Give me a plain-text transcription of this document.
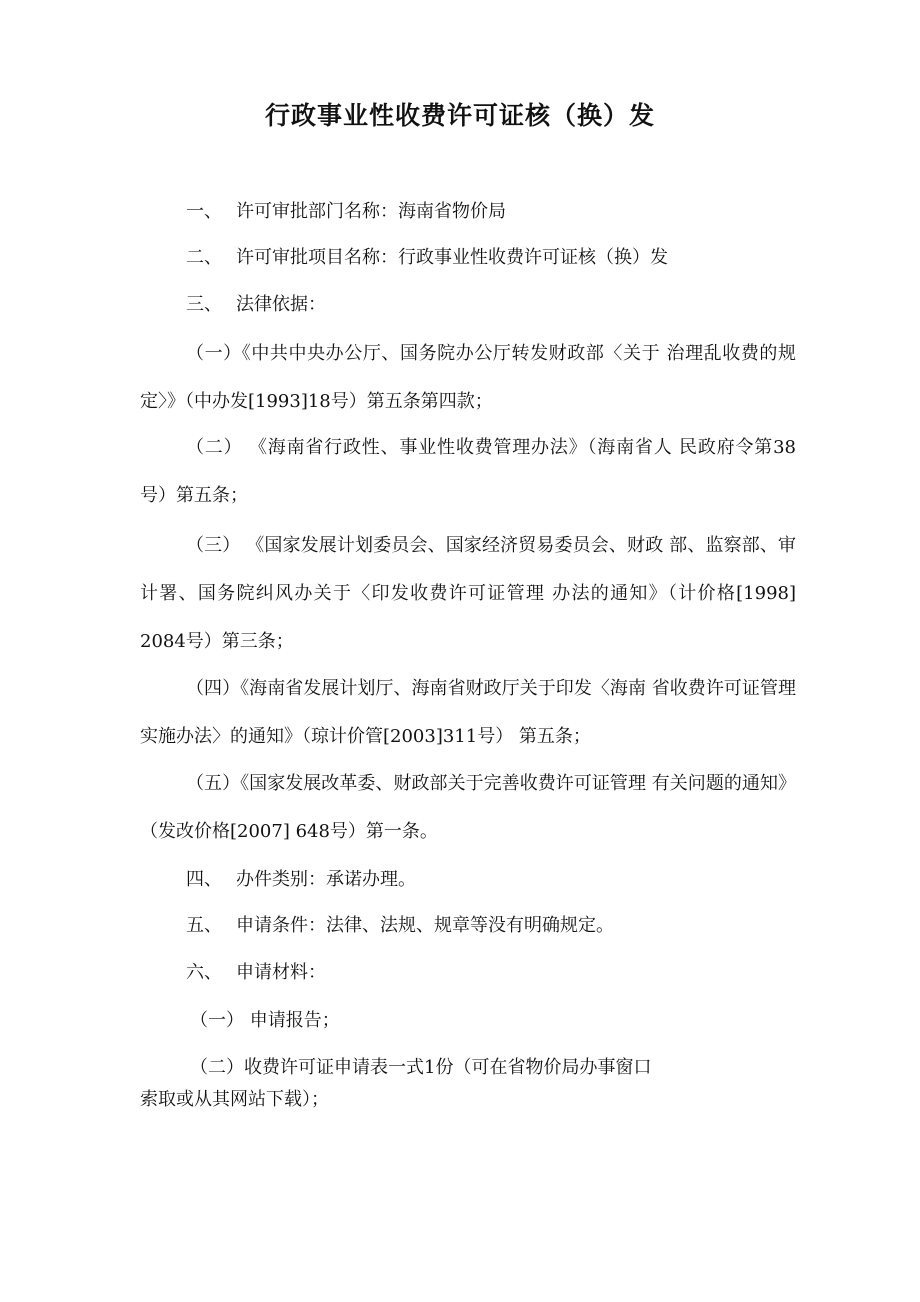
行政事业性收费许可证核（换）发
一、 许可审批部门名称：海南省物价局
二、 许可审批项目名称：行政事业性收费许可证核（换）发
三、 法律依据：
（一）《中共中央办公厅、国务院办公厅转发财政部〈关于 治理乱收费的规定〉》（中办发[1993]18号）第五条第四款；
（二） 《海南省行政性、事业性收费管理办法》（海南省人 民政府令第38号）第五条；
（三） 《国家发展计划委员会、国家经济贸易委员会、财政 部、监察部、审计署、国务院纠风办关于〈印发收费许可证管理 办法的通知》（计价格[1998] 2084号）第三条；
（四）《海南省发展计划厅、海南省财政厅关于印发〈海南 省收费许可证管理实施办法〉的通知》（琼计价管[2003]311号） 第五条；
（五）《国家发展改革委、财政部关于完善收费许可证管理 有关问题的通知》（发改价格[2007] 648号）第一条。
四、 办件类别：承诺办理。
五、 申请条件：法律、法规、规章等没有明确规定。
六、 申请材料：
（一） 申请报告；
（二）收费许可证申请表一式1份（可在省物价局办事窗口
索取或从其网站下载）；
